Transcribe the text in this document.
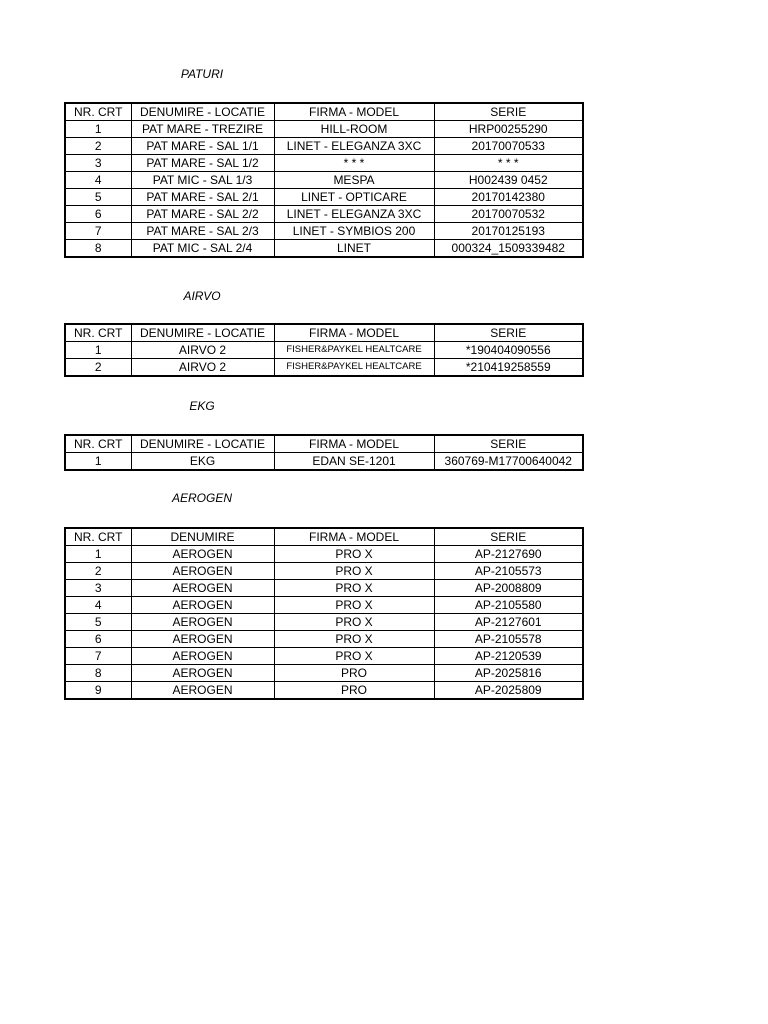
PATURI
NR. CRT	DENUMIRE - LOCATIE	FIRMA - MODEL	SERIE
1	PAT MARE - TREZIRE	HILL-ROOM	HRP00255290
2	PAT MARE - SAL 1/1	LINET - ELEGANZA 3XC	20170070533
3	PAT MARE - SAL 1/2	* * *	* * *
4	PAT MIC - SAL 1/3	MESPA	H002439 0452
5	PAT MARE - SAL 2/1	LINET - OPTICARE	20170142380
6	PAT MARE - SAL 2/2	LINET - ELEGANZA 3XC	20170070532
7	PAT MARE - SAL 2/3	LINET - SYMBIOS 200	20170125193
8	PAT MIC - SAL 2/4	LINET	000324_1509339482
AIRVO
NR. CRT	DENUMIRE - LOCATIE	FIRMA - MODEL	SERIE
1	AIRVO 2	FISHER&PAYKEL HEALTCARE	*190404090556
2	AIRVO 2	FISHER&PAYKEL HEALTCARE	*210419258559
EKG
NR. CRT	DENUMIRE - LOCATIE	FIRMA - MODEL	SERIE
1	EKG	EDAN SE-1201	360769-M17700640042
AEROGEN
NR. CRT	DENUMIRE	FIRMA - MODEL	SERIE
1	AEROGEN	PRO X	AP-2127690
2	AEROGEN	PRO X	AP-2105573
3	AEROGEN	PRO X	AP-2008809
4	AEROGEN	PRO X	AP-2105580
5	AEROGEN	PRO X	AP-2127601
6	AEROGEN	PRO X	AP-2105578
7	AEROGEN	PRO X	AP-2120539
8	AEROGEN	PRO	AP-2025816
9	AEROGEN	PRO	AP-2025809
